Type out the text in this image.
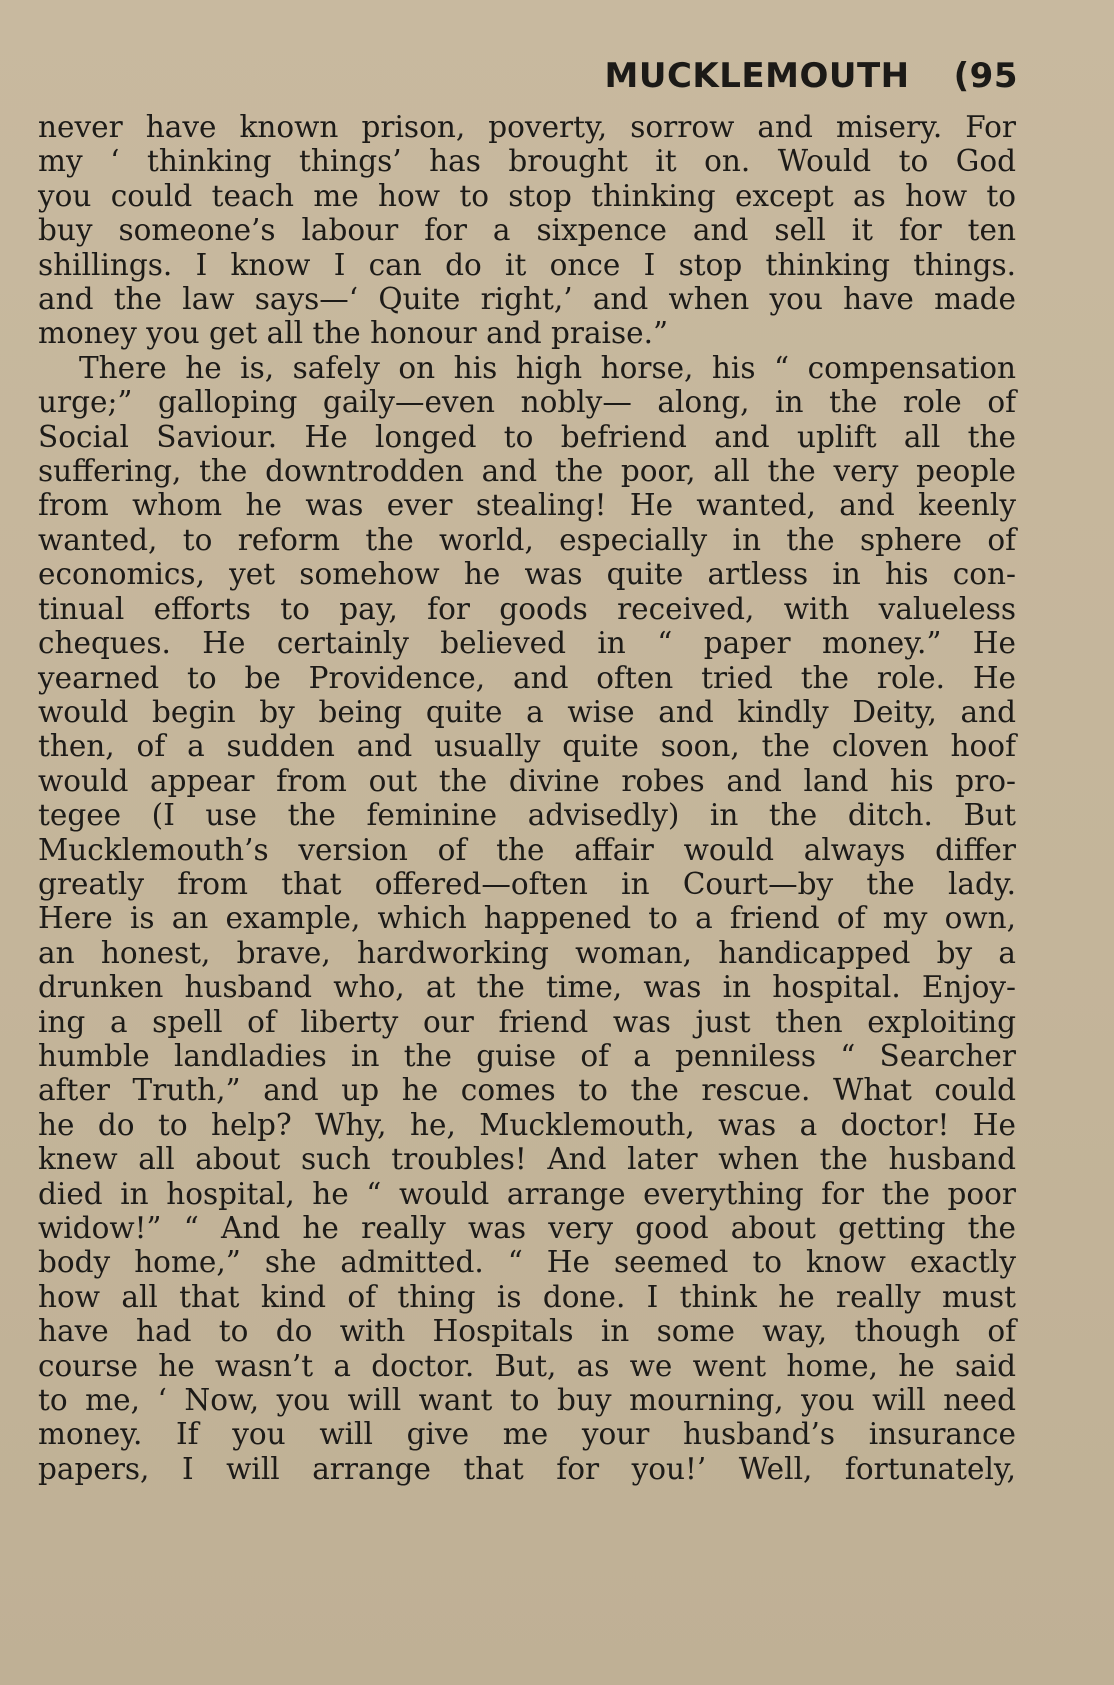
MUCKLEMOUTH (95
never have known prison, poverty, sorrow and misery. For
my ‘ thinking things’ has brought it on. Would to God
you could teach me how to stop thinking except as how to
buy someone’s labour for a sixpence and sell it for ten
shillings. I know I can do it once I stop thinking things.
and the law says—‘ Quite right,’ and when you have made
money you get all the honour and praise.”
There he is, safely on his high horse, his “ compensation
urge;” galloping gaily—even nobly— along, in the role of
Social Saviour. He longed to befriend and uplift all the
suffering, the downtrodden and the poor, all the very people
from whom he was ever stealing! He wanted, and keenly
wanted, to reform the world, especially in the sphere of
economics, yet somehow he was quite artless in his con-
tinual efforts to pay, for goods received, with valueless
cheques. He certainly believed in “ paper money.” He
yearned to be Providence, and often tried the role. He
would begin by being quite a wise and kindly Deity, and
then, of a sudden and usually quite soon, the cloven hoof
would appear from out the divine robes and land his pro-
tegee (I use the feminine advisedly) in the ditch. But
Mucklemouth’s version of the affair would always differ
greatly from that offered—often in Court—by the lady.
Here is an example, which happened to a friend of my own,
an honest, brave, hardworking woman, handicapped by a
drunken husband who, at the time, was in hospital. Enjoy-
ing a spell of liberty our friend was just then exploiting
humble landladies in the guise of a penniless “ Searcher
after Truth,” and up he comes to the rescue. What could
he do to help? Why, he, Mucklemouth, was a doctor! He
knew all about such troubles! And later when the husband
died in hospital, he “ would arrange everything for the poor
widow!” “ And he really was very good about getting the
body home,” she admitted. “ He seemed to know exactly
how all that kind of thing is done. I think he really must
have had to do with Hospitals in some way, though of
course he wasn’t a doctor. But, as we went home, he said
to me, ‘ Now, you will want to buy mourning, you will need
money. If you will give me your husband’s insurance
papers, I will arrange that for you!’ Well, fortunately,
